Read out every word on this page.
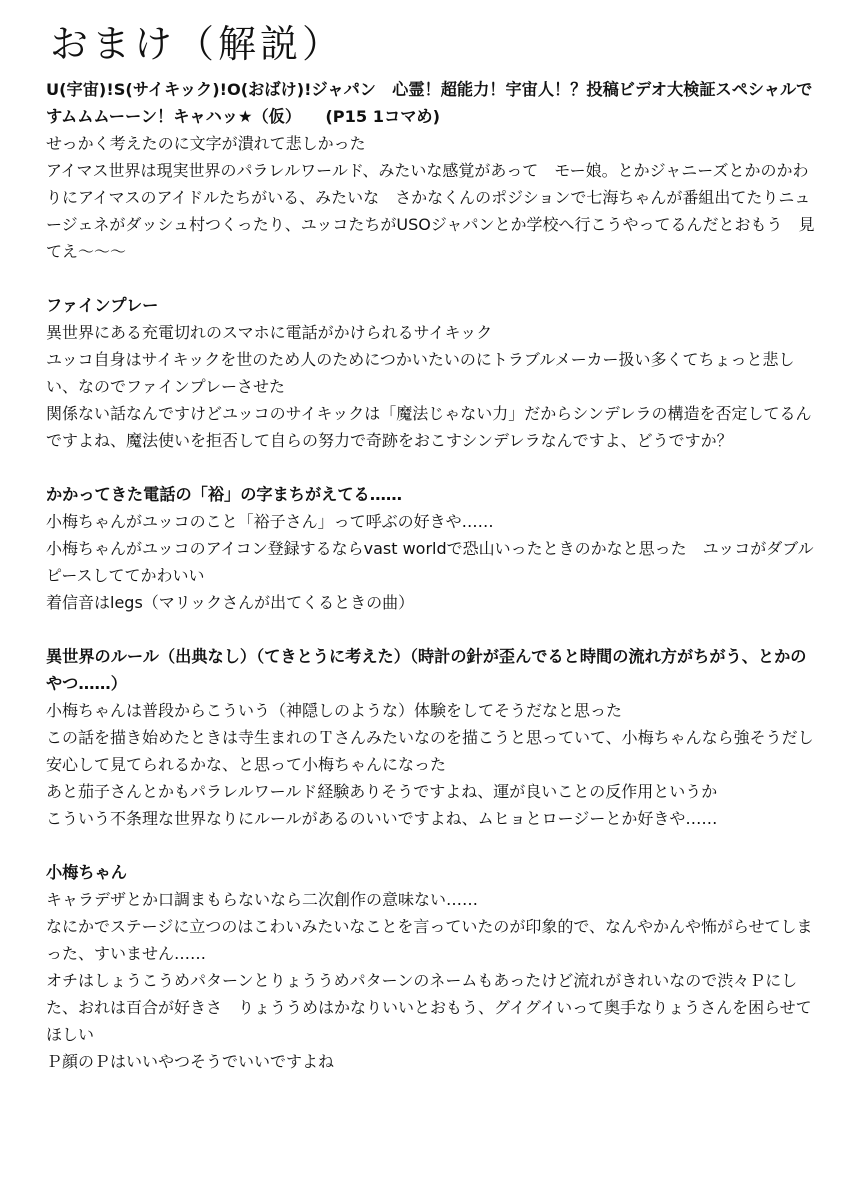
おまけ（解説）

U(宇宙)!S(サイキック)!O(おばけ)!ジャパン　心霊！超能力！宇宙人！？投稿ビデオ大検証スペシャルですムムムーーン！キャハッ★（仮）　　(P15 1コマめ)

せっかく考えたのに文字が潰れて悲しかった

アイマス世界は現実世界のパラレルワールド、みたいな感覚があって　モー娘。とかジャニーズとかのかわりにアイマスのアイドルたちがいる、みたいな　さかなくんのポジションで七海ちゃんが番組出てたりニュージェネがダッシュ村つくったり、ユッコたちがUSOジャパンとか学校へ行こうやってるんだとおもう　見てえ〜〜〜

ファインプレー

異世界にある充電切れのスマホに電話がかけられるサイキック

ユッコ自身はサイキックを世のため人のためにつかいたいのにトラブルメーカー扱い多くてちょっと悲しい、なのでファインプレーさせた

関係ない話なんですけどユッコのサイキックは「魔法じゃない力」だからシンデレラの構造を否定してるんですよね、魔法使いを拒否して自らの努力で奇跡をおこすシンデレラなんですよ、どうですか？

かかってきた電話の「裕」の字まちがえてる……

小梅ちゃんがユッコのこと「裕子さん」って呼ぶの好きや……

小梅ちゃんがユッコのアイコン登録するならvast worldで恐山いったときのかなと思った　ユッコがダブルピースしててかわいい

着信音はlegs（マリックさんが出てくるときの曲）

異世界のルール（出典なし）（てきとうに考えた）（時計の針が歪んでると時間の流れ方がちがう、とかのやつ……）

小梅ちゃんは普段からこういう（神隠しのような）体験をしてそうだなと思った

この話を描き始めたときは寺生まれのＴさんみたいなのを描こうと思っていて、小梅ちゃんなら強そうだし安心して見てられるかな、と思って小梅ちゃんになった

あと茄子さんとかもパラレルワールド経験ありそうですよね、運が良いことの反作用というか

こういう不条理な世界なりにルールがあるのいいですよね、ムヒョとロージーとか好きや……

小梅ちゃん

キャラデザとか口調まもらないなら二次創作の意味ない……

なにかでステージに立つのはこわいみたいなことを言っていたのが印象的で、なんやかんや怖がらせてしまった、すいません……

オチはしょうこうめパターンとりょううめパターンのネームもあったけど流れがきれいなので渋々Ｐにした、おれは百合が好きさ　りょううめはかなりいいとおもう、グイグイいって奥手なりょうさんを困らせてほしい

Ｐ顔のＰはいいやつそうでいいですよね
